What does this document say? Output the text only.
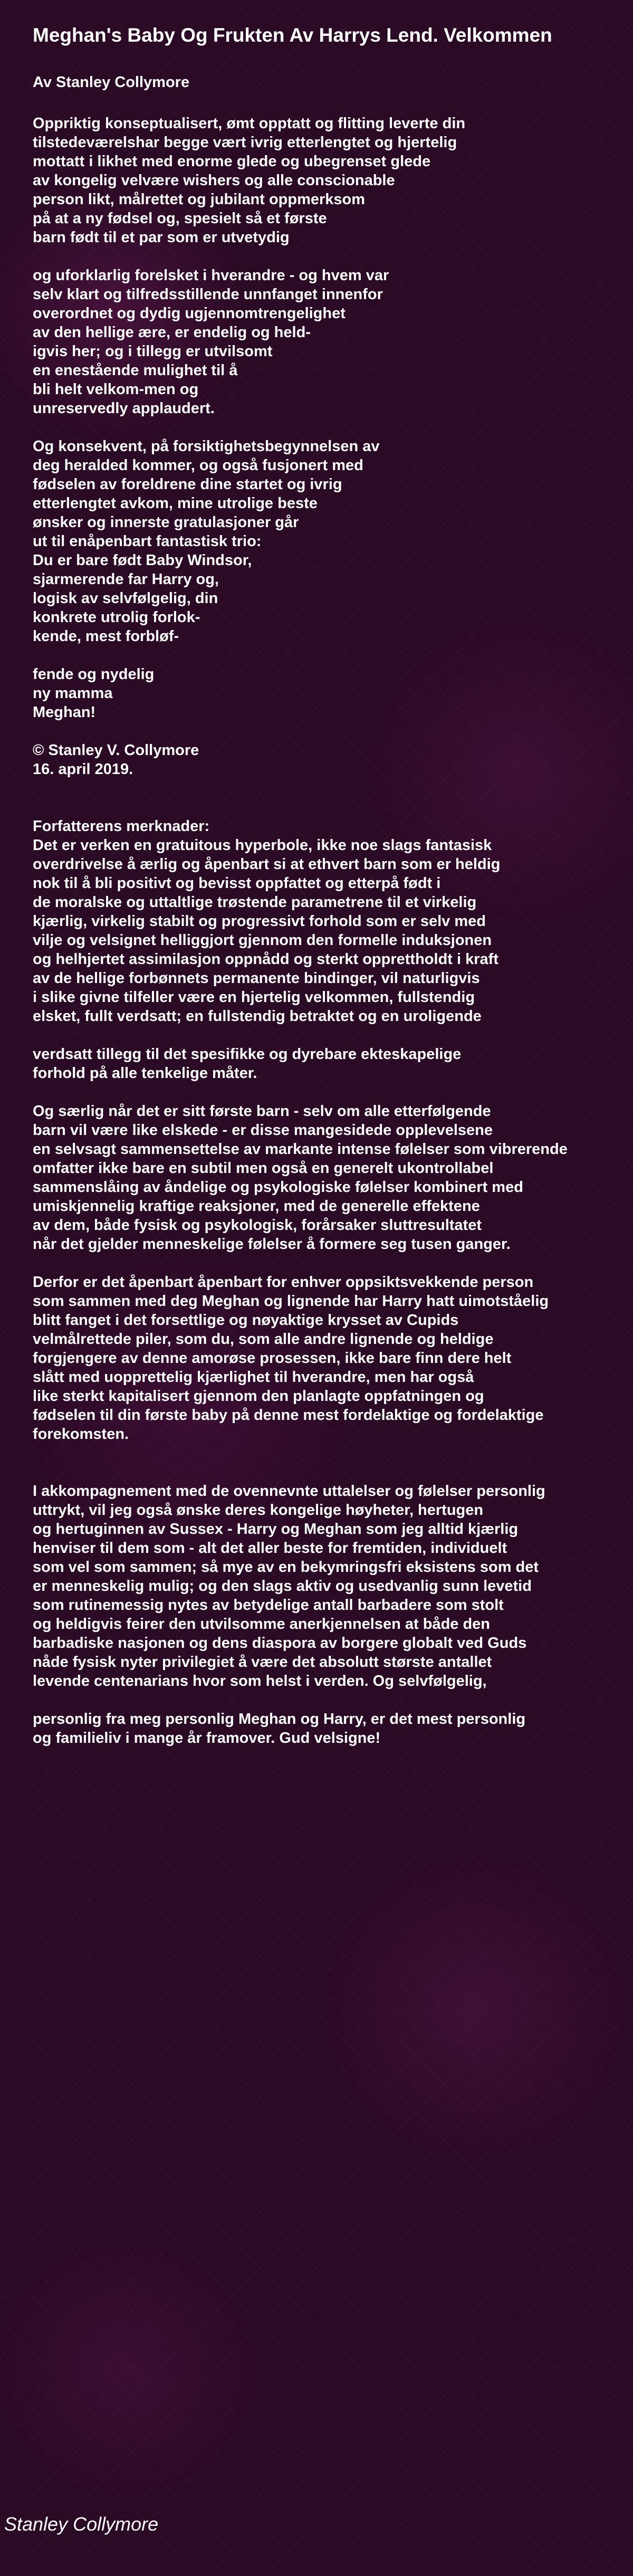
Meghan's Baby Og Frukten Av Harrys Lend. Velkommen
Av Stanley Collymore
Oppriktig konseptualisert, ømt opptatt og flitting leverte din
tilstedeværelshar begge vært ivrig etterlengtet og hjertelig
mottatt i likhet med enorme glede og ubegrenset glede
av kongelig velvære wishers og alle conscionable
person likt, målrettet og jubilant oppmerksom
på at a ny fødsel og, spesielt så et første
barn født til et par som er utvetydig

og uforklarlig forelsket i hverandre - og hvem var
selv klart og tilfredsstillende unnfanget innenfor
overordnet og dydig ugjennomtrengelighet
av den hellige ære, er endelig og held-
igvis her; og i tillegg er utvilsomt
en enestående mulighet til å
bli helt velkom-men og
unreservedly applaudert.

Og konsekvent, på forsiktighetsbegynnelsen av
deg heralded kommer, og også fusjonert med
fødselen av foreldrene dine startet og ivrig
etterlengtet avkom, mine utrolige beste
ønsker og innerste gratulasjoner går
ut til enåpenbart fantastisk trio:
Du er bare født Baby Windsor,
sjarmerende far Harry og,
logisk av selvfølgelig, din
konkrete utrolig forlok-
kende, mest forbløf-

fende og nydelig
ny mamma
Meghan!

© Stanley V. Collymore
16. april 2019.

Forfatterens merknader:
Det er verken en gratuitous hyperbole, ikke noe slags fantasisk
overdrivelse å ærlig og åpenbart si at ethvert barn som er heldig
nok til å bli positivt og bevisst oppfattet og etterpå født i
de moralske og uttaltlige trøstende parametrene til et virkelig
kjærlig, virkelig stabilt og progressivt forhold som er selv med
vilje og velsignet helliggjort gjennom den formelle induksjonen
og helhjertet assimilasjon oppnådd og sterkt opprettholdt i kraft
av de hellige forbønnets permanente bindinger, vil naturligvis
i slike givne tilfeller være en hjertelig velkommen, fullstendig
elsket, fullt verdsatt; en fullstendig betraktet og en uroligende

verdsatt tillegg til det spesifikke og dyrebare ekteskapelige
forhold på alle tenkelige måter.

Og særlig når det er sitt første barn - selv om alle etterfølgende
barn vil være like elskede - er disse mangesidede opplevelsene
en selvsagt sammensettelse av markante intense følelser som vibrerende
omfatter ikke bare en subtil men også en generelt ukontrollabel
sammenslåing av åndelige og psykologiske følelser kombinert med
umiskjennelig kraftige reaksjoner, med de generelle effektene
av dem, både fysisk og psykologisk, forårsaker sluttresultatet
når det gjelder menneskelige følelser å formere seg tusen ganger.

Derfor er det åpenbart åpenbart for enhver oppsiktsvekkende person
som sammen med deg Meghan og lignende har Harry hatt uimotståelig
blitt fanget i det forsettlige og nøyaktige krysset av Cupids
velmålrettede piler, som du, som alle andre lignende og heldige
forgjengere av denne amorøse prosessen, ikke bare finn dere helt
slått med uopprettelig kjærlighet til hverandre, men har også
like sterkt kapitalisert gjennom den planlagte oppfatningen og
fødselen til din første baby på denne mest fordelaktige og fordelaktige
forekomsten.

I akkompagnement med de ovennevnte uttalelser og følelser personlig
uttrykt, vil jeg også ønske deres kongelige høyheter, hertugen
og hertuginnen av Sussex - Harry og Meghan som jeg alltid kjærlig
henviser til dem som - alt det aller beste for fremtiden, individuelt
som vel som sammen; så mye av en bekymringsfri eksistens som det
er menneskelig mulig; og den slags aktiv og usedvanlig sunn levetid
som rutinemessig nytes av betydelige antall barbadere som stolt
og heldigvis feirer den utvilsomme anerkjennelsen at både den
barbadiske nasjonen og dens diaspora av borgere globalt ved Guds
nåde fysisk nyter privilegiet å være det absolutt største antallet
levende centenarians hvor som helst i verden. Og selvfølgelig,

personlig fra meg personlig Meghan og Harry, er det mest personlig
og familieliv i mange år framover. Gud velsigne!
Stanley Collymore
